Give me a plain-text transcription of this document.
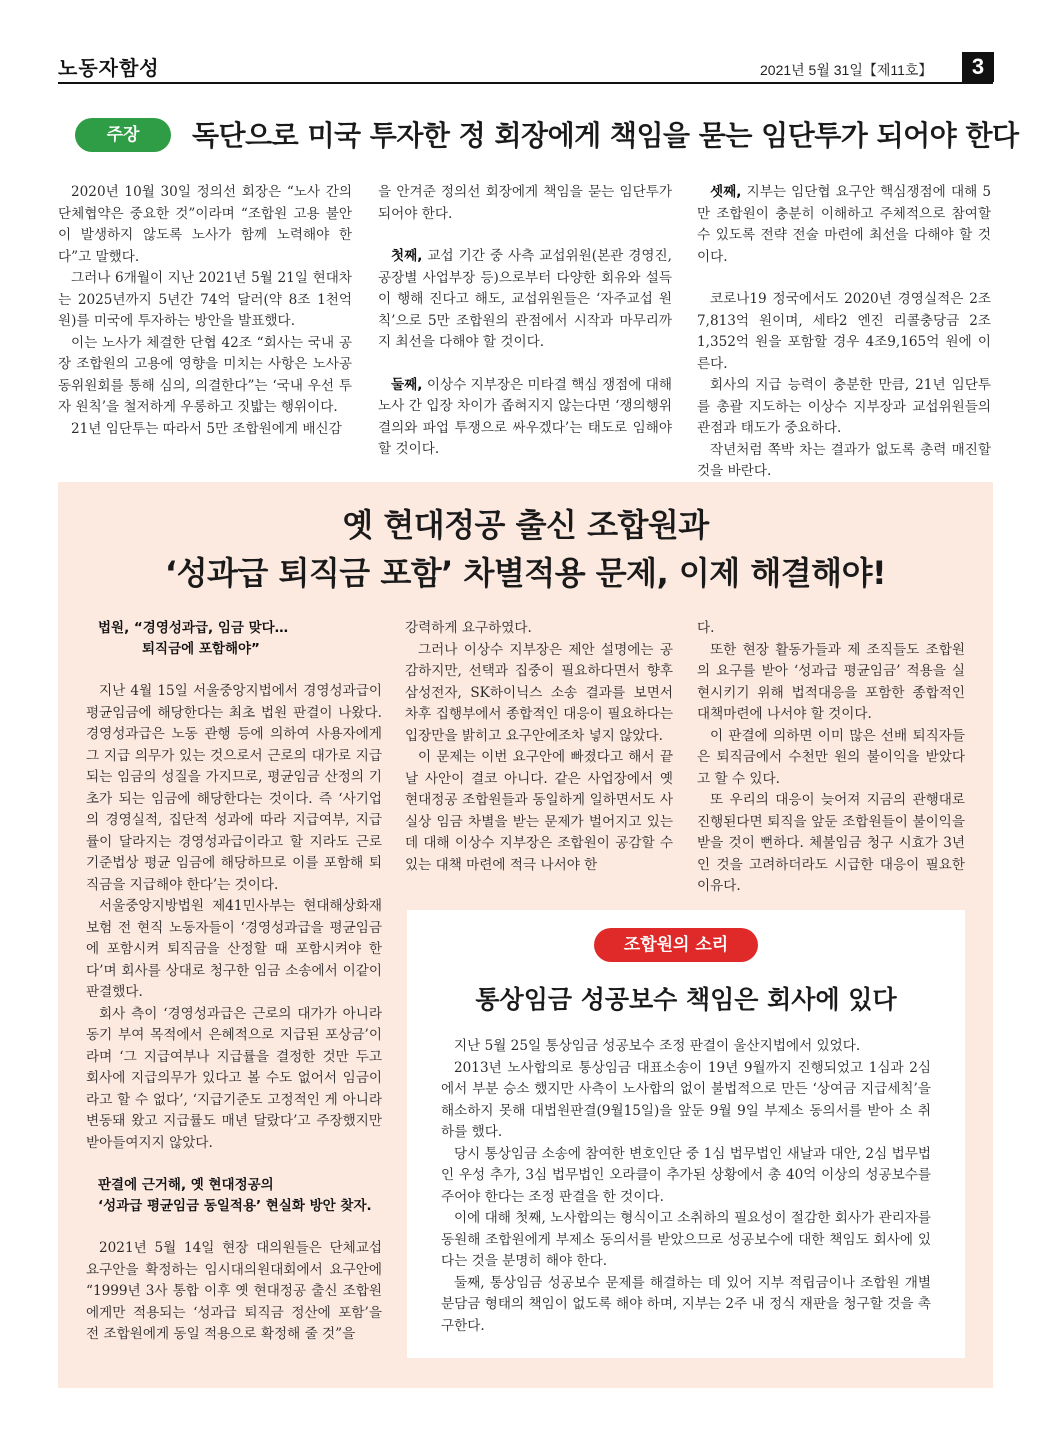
노동자함성	2021년 5월 31일【제11호】	3
주장	독단으로 미국 투자한 정 회장에게 책임을 묻는 임단투가 되어야 한다

2020년 10월 30일 정의선 회장은 “노사 간의 단체협약은 중요한 것”이라며 “조합원 고용 불안이 발생하지 않도록 노사가 함께 노력해야 한다”고 말했다.

그러나 6개월이 지난 2021년 5월 21일 현대차는 2025년까지 5년간 74억 달러(약 8조 1천억원)를 미국에 투자하는 방안을 발표했다.

이는 노사가 체결한 단협 42조 “회사는 국내 공장 조합원의 고용에 영향을 미치는 사항은 노사공동위원회를 통해 심의, 의결한다”는 ‘국내 우선 투자 원칙’을 철저하게 우롱하고 짓밟는 행위이다.

21년 임단투는 따라서 5만 조합원에게 배신감

을 안겨준 정의선 회장에게 책임을 묻는 임단투가 되어야 한다.

첫째, 교섭 기간 중 사측 교섭위원(본관 경영진, 공장별 사업부장 등)으로부터 다양한 회유와 설득이 행해 진다고 해도, 교섭위원들은 ‘자주교섭 원칙’으로 5만 조합원의 관점에서 시작과 마무리까지 최선을 다해야 할 것이다.

둘째, 이상수 지부장은 미타결 핵심 쟁점에 대해 노사 간 입장 차이가 좁혀지지 않는다면 ‘쟁의행위 결의와 파업 투쟁으로 싸우겠다’는 태도로 임해야 할 것이다.

셋째, 지부는 임단협 요구안 핵심쟁점에 대해 5만 조합원이 충분히 이해하고 주체적으로 참여할 수 있도록 전략 전술 마련에 최선을 다해야 할 것이다.

코로나19 정국에서도 2020년 경영실적은 2조 7,813억 원이며, 세타2 엔진 리콜충당금 2조1,352억 원을 포함할 경우 4조9,165억 원에 이른다.

회사의 지급 능력이 충분한 만큼, 21년 임단투를 총괄 지도하는 이상수 지부장과 교섭위원들의 관점과 태도가 중요하다.

작년처럼 쪽박 차는 결과가 없도록 총력 매진할 것을 바란다.

옛 현대정공 출신 조합원과
‘성과급 퇴직금 포함’ 차별적용 문제, 이제 해결해야!
법원, “경영성과급, 임금 맞다…
퇴직금에 포함해야”

지난 4월 15일 서울중앙지법에서 경영성과급이 평균임금에 해당한다는 최초 법원 판결이 나왔다. 경영성과급은 노동 관행 등에 의하여 사용자에게 그 지급 의무가 있는 것으로서 근로의 대가로 지급되는 임금의 성질을 가지므로, 평균임금 산정의 기초가 되는 임금에 해당한다는 것이다. 즉 ‘사기업의 경영실적, 집단적 성과에 따라 지급여부, 지급률이 달라지는 경영성과급이라고 할 지라도 근로기준법상 평균 임금에 해당하므로 이를 포함해 퇴직금을 지급해야 한다’는 것이다.

서울중앙지방법원 제41민사부는 현대해상화재보험 전 현직 노동자들이 ‘경영성과급을 평균임금에 포함시켜 퇴직금을 산정할 때 포함시켜야 한다’며 회사를 상대로 청구한 임금 소송에서 이같이 판결했다.

회사 측이 ‘경영성과급은 근로의 대가가 아니라 동기 부여 목적에서 은혜적으로 지급된 포상금’이라며 ‘그 지급여부나 지급률을 결정한 것만 두고 회사에 지급의무가 있다고 볼 수도 없어서 임금이라고 할 수 없다’, ‘지급기준도 고정적인 게 아니라 변동돼 왔고 지급률도 매년 달랐다’고 주장했지만 받아들여지지 않았다.

판결에 근거해, 옛 현대정공의
‘성과급 평균임금 동일적용’ 현실화 방안 찾자.

2021년 5월 14일 현장 대의원들은 단체교섭 요구안을 확정하는 임시대의원대회에서 요구안에 “1999년 3사 통합 이후 옛 현대정공 출신 조합원에게만 적용되는 ‘성과급 퇴직금 정산에 포함’을 전 조합원에게 동일 적용으로 확정해 줄 것”을

강력하게 요구하였다.

그러나 이상수 지부장은 제안 설명에는 공감하지만, 선택과 집중이 필요하다면서 향후 삼성전자, SK하이닉스 소송 결과를 보면서 차후 집행부에서 종합적인 대응이 필요하다는 입장만을 밝히고 요구안에조차 넣지 않았다.

이 문제는 이번 요구안에 빠졌다고 해서 끝날 사안이 결코 아니다. 같은 사업장에서 옛 현대정공 조합원들과 동일하게 일하면서도 사실상 임금 차별을 받는 문제가 벌어지고 있는데 대해 이상수 지부장은 조합원이 공감할 수 있는 대책 마련에 적극 나서야 한

다.

또한 현장 활동가들과 제 조직들도 조합원의 요구를 받아 ‘성과급 평균임금’ 적용을 실현시키기 위해 법적대응을 포함한 종합적인 대책마련에 나서야 할 것이다.

이 판결에 의하면 이미 많은 선배 퇴직자들은 퇴직금에서 수천만 원의 불이익을 받았다고 할 수 있다.

또 우리의 대응이 늦어져 지금의 관행대로 진행된다면 퇴직을 앞둔 조합원들이 불이익을 받을 것이 뻔하다. 체불임금 청구 시효가 3년인 것을 고려하더라도 시급한 대응이 필요한 이유다.

조합원의 소리
통상임금 성공보수 책임은 회사에 있다

지난 5월 25일 통상임금 성공보수 조정 판결이 울산지법에서 있었다.

2013년 노사합의로 통상임금 대표소송이 19년 9월까지 진행되었고 1심과 2심에서 부분 승소 했지만 사측이 노사합의 없이 불법적으로 만든 ‘상여금 지급세칙’을 해소하지 못해 대법원판결(9월15일)을 앞둔 9월 9일 부제소 동의서를 받아 소 취하를 했다.

당시 통상임금 소송에 참여한 변호인단 중 1심 법무법인 새날과 대안, 2심 법무법인 우성 추가, 3심 법무법인 오라클이 추가된 상황에서 총 40억 이상의 성공보수를 주어야 한다는 조정 판결을 한 것이다.

이에 대해 첫째, 노사합의는 형식이고 소취하의 필요성이 절감한 회사가 관리자를 동원해 조합원에게 부제소 동의서를 받았으므로 성공보수에 대한 책임도 회사에 있다는 것을 분명히 해야 한다.

둘째, 통상임금 성공보수 문제를 해결하는 데 있어 지부 적립금이나 조합원 개별분담금 형태의 책임이 없도록 해야 하며, 지부는 2주 내 정식 재판을 청구할 것을 촉구한다.
